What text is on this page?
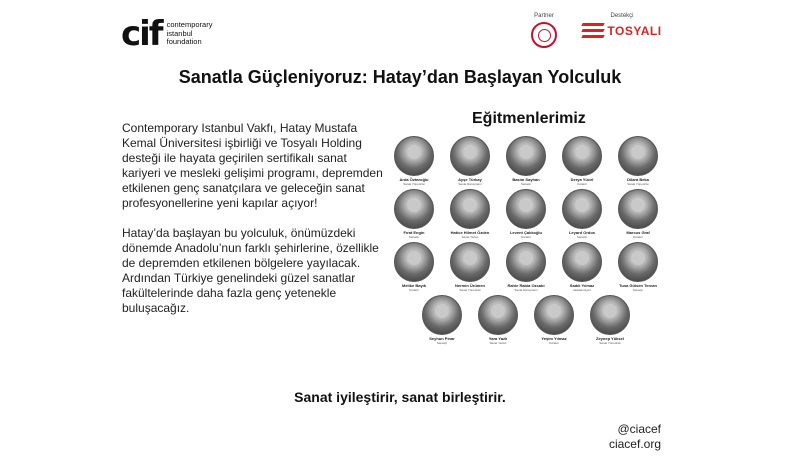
cif contemporary
istanbul
foundation
Partner	Destekçi
TOSYALI
Sanatla Güçleniyoruz: Hatay’dan Başlayan Yolculuk

Contemporary Istanbul Vakfı, Hatay Mustafa Kemal Üniversitesi işbirliği ve Tosyalı Holding desteği ile hayata geçirilen sertifikalı sanat kariyeri ve mesleki gelişimi programı, depremden etkilenen genç sanatçılara ve geleceğin sanat profesyonellerine yeni kapılar açıyor!

Hatay’da başlayan bu yolculuk, önümüzdeki dönemde Anadolu’nun farklı şehirlerine, özellikle de depremden etkilenen bölgelere yayılacak. Ardından Türkiye genelindeki güzel sanatlar fakültelerinde daha fazla genç yetenekle buluşacağız.

Eğitmenlerimiz
Arda Öztaroğlu
Sanat Yöneticisi
Ayşe Türkay
Sanat Danışmanı
Basim Sayhan
Sanatçı
Derya Yücel
Küratör
Dilara Beka
Sanat Yöneticisi
Fırat Engin
Sanatçı
Hatice Hilmet Özden
Sanat Yazarı
Levent Çalıkoğlu
Küratör
Leyard Ordos
Sanatçı
Marcus Graf
Küratör
Melike Bayık
Küratör
Nermin Ürümen
Sanat Yöneticisi
Rahle Rabia Ozsabi
Sanat Danışmanı
Sadık Yılmaz
Akademisyen
Tuna Gülsen Tercan
Sanatçı
Seyhun Pinar
Sanatçı
Yara Yazlı
Sanat Yazarı
Yeşim Yılmaz
Küratör
Zeynep Yüksel
Sanat Yöneticisi
Sanat iyileştirir, sanat birleştirir.
@ciacef
ciacef.org
